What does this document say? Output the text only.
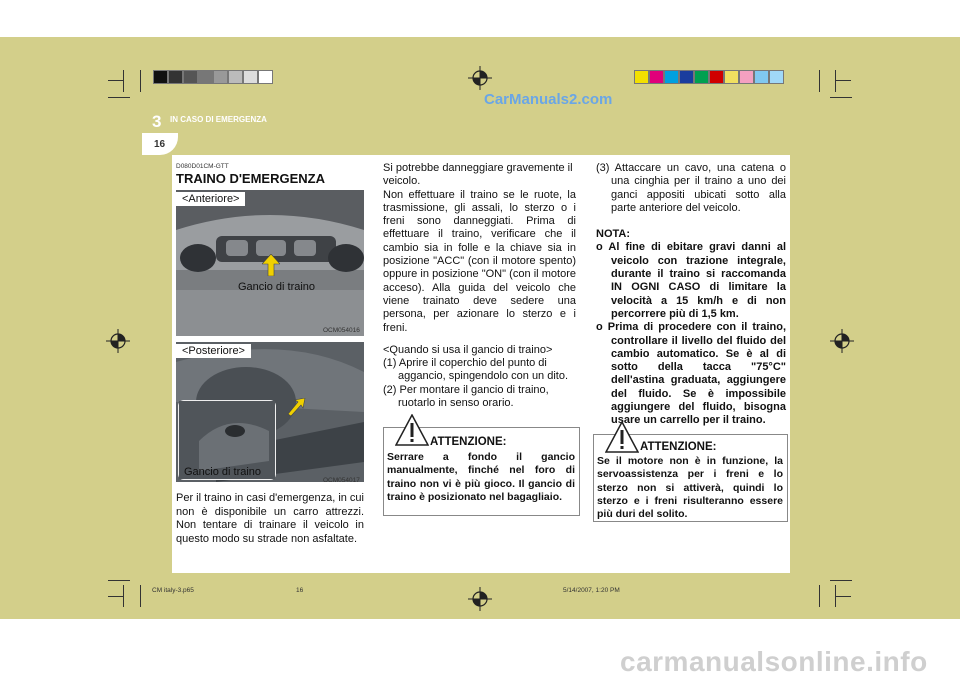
CarManuals2.com
3 IN CASO DI EMERGENZA
16
D080D01CM-GTT
TRAINO D'EMERGENZA
<Anteriore>
Gancio di traino
OCM054016
<Posteriore>
Gancio di traino
OCM054017
Per il traino in casi d'emergenza, in cui non è disponibile un carro attrezzi. Non tentare di trainare il veicolo in questo modo su strade non asfaltate.

Si potrebbe danneggiare gravemente il veicolo.

Non effettuare il traino se le ruote, la trasmissione, gli assali, lo sterzo o i freni sono danneggiati. Prima di effettuare il traino, verificare che il cambio sia in folle e la chiave sia in posizione "ACC" (con il motore spento) oppure in posizione "ON" (con il motore acceso). Alla guida del veicolo che viene trainato deve sedere una persona, per azionare lo sterzo e i freni.

<Quando si usa il gancio di traino>

(1) Aprire il coperchio del punto di aggancio, spingendolo con un dito.

(2) Per montare il gancio di traino, ruotarlo in senso orario.

ATTENZIONE:
Serrare a fondo il gancio manualmente, finché nel foro di traino non vi è più gioco. Il gancio di traino è posizionato nel bagagliaio.

(3) Attaccare un cavo, una catena o una cinghia per il traino a uno dei ganci appositi ubicati sotto alla parte anteriore del veicolo.

NOTA:

o Al fine di ebitare gravi danni al veicolo con trazione integrale, durante il traino si raccomanda IN OGNI CASO di limitare la velocità a 15 km/h e di non percorrere più di 1,5 km.

o Prima di procedere con il traino, controllare il livello del fluido del cambio automatico. Se è al di sotto della tacca "75°C" dell'astina graduata, aggiungere del fluido. Se è impossibile aggiungere del fluido, bisogna usare un carrello per il traino.

ATTENZIONE:
Se il motore non è in funzione, la servoassistenza per i freni e lo sterzo non si attiverà, quindi lo sterzo e i freni risulteranno essere più duri del solito.
CM italy-3.p65	16	5/14/2007, 1:20 PM
carmanualsonline.info
